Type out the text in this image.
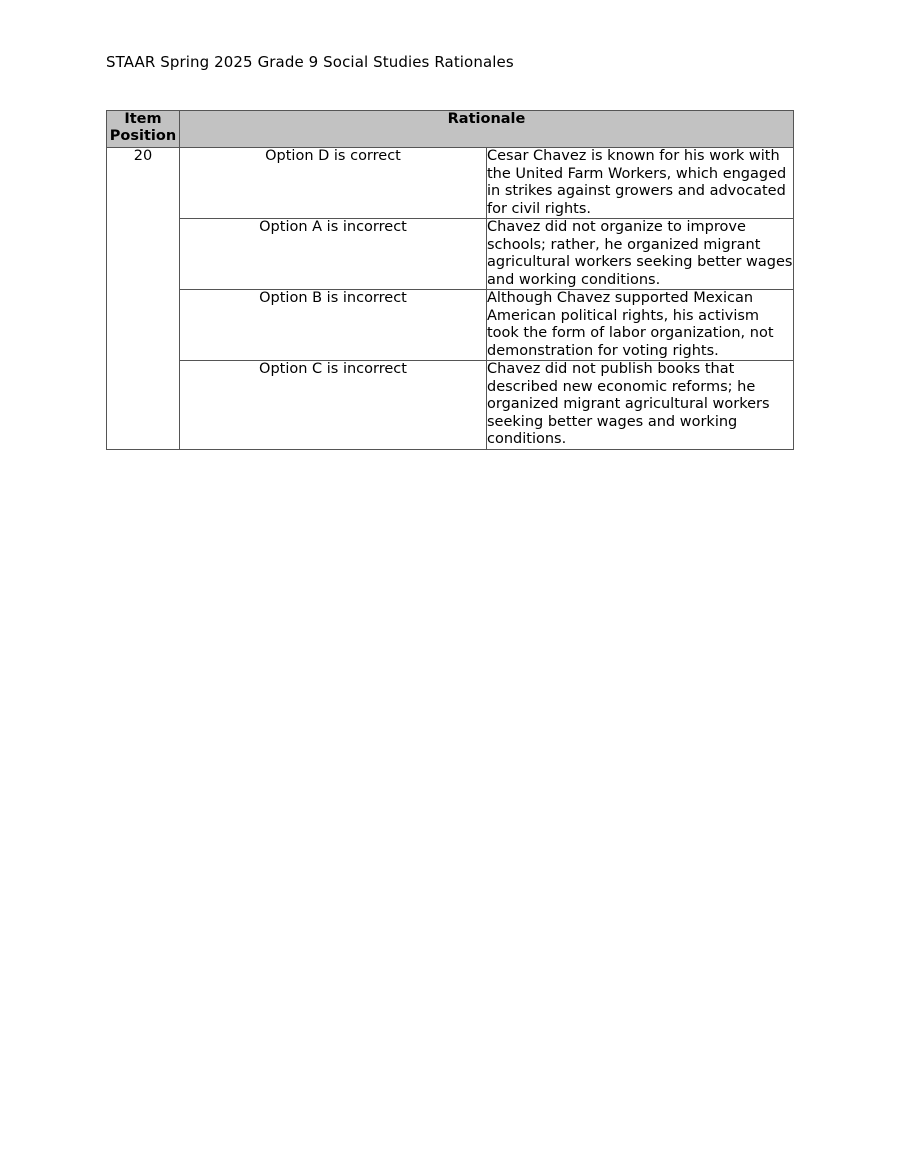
STAAR Spring 2025 Grade 9 Social Studies Rationales
Item
Position	Rationale	
20	Option D is correct	Cesar Chavez is known for his work with the United Farm Workers, which engaged in strikes against growers and advocated for civil rights.
	Option A is incorrect	Chavez did not organize to improve schools; rather, he organized migrant agricultural workers seeking better wages and working conditions.
	Option B is incorrect	Although Chavez supported Mexican American political rights, his activism took the form of labor organization, not demonstration for voting rights.
	Option C is incorrect	Chavez did not publish books that described new economic reforms; he organized migrant agricultural workers seeking better wages and working conditions.
